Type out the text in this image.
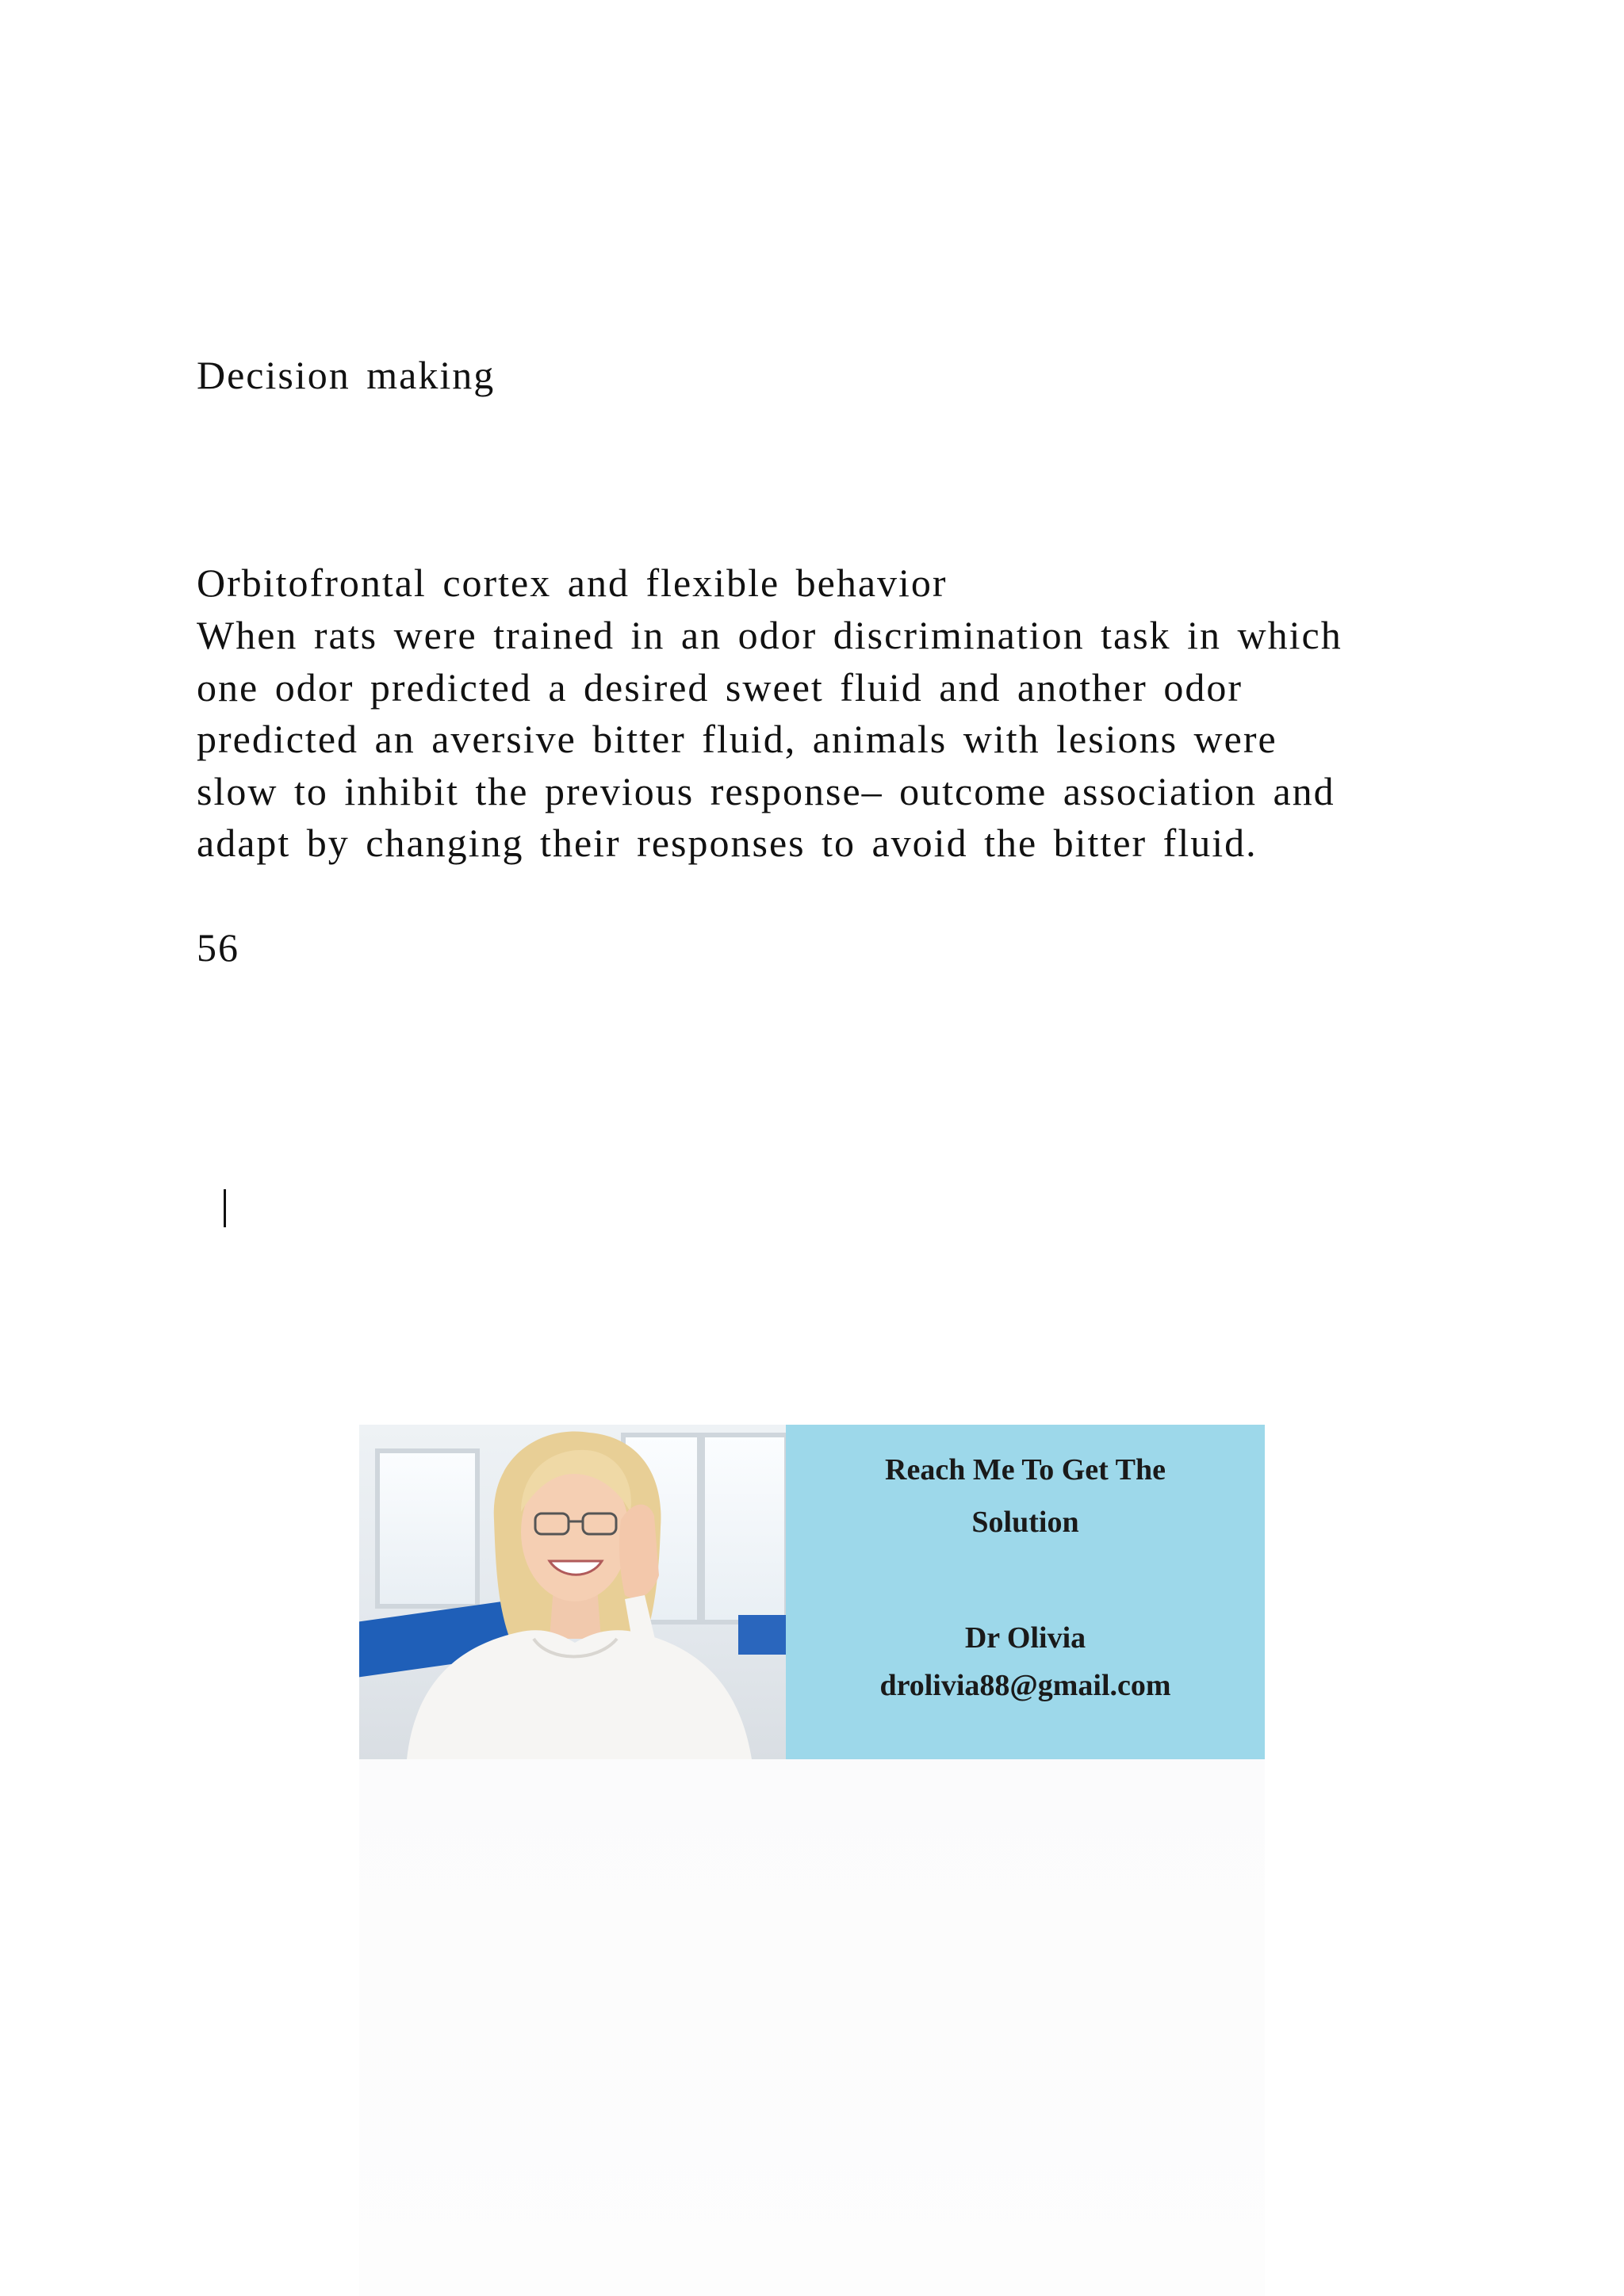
Decision making
Orbitofrontal cortex and flexible behavior
When rats were trained in an odor discrimination task in which
one odor predicted a desired sweet fluid and another odor
predicted an aversive bitter fluid, animals with lesions were
slow to inhibit the previous response– outcome association and
adapt by changing their responses to avoid the bitter fluid.
56
Reach Me To Get The
Solution
Dr Olivia
drolivia88@gmail.com
